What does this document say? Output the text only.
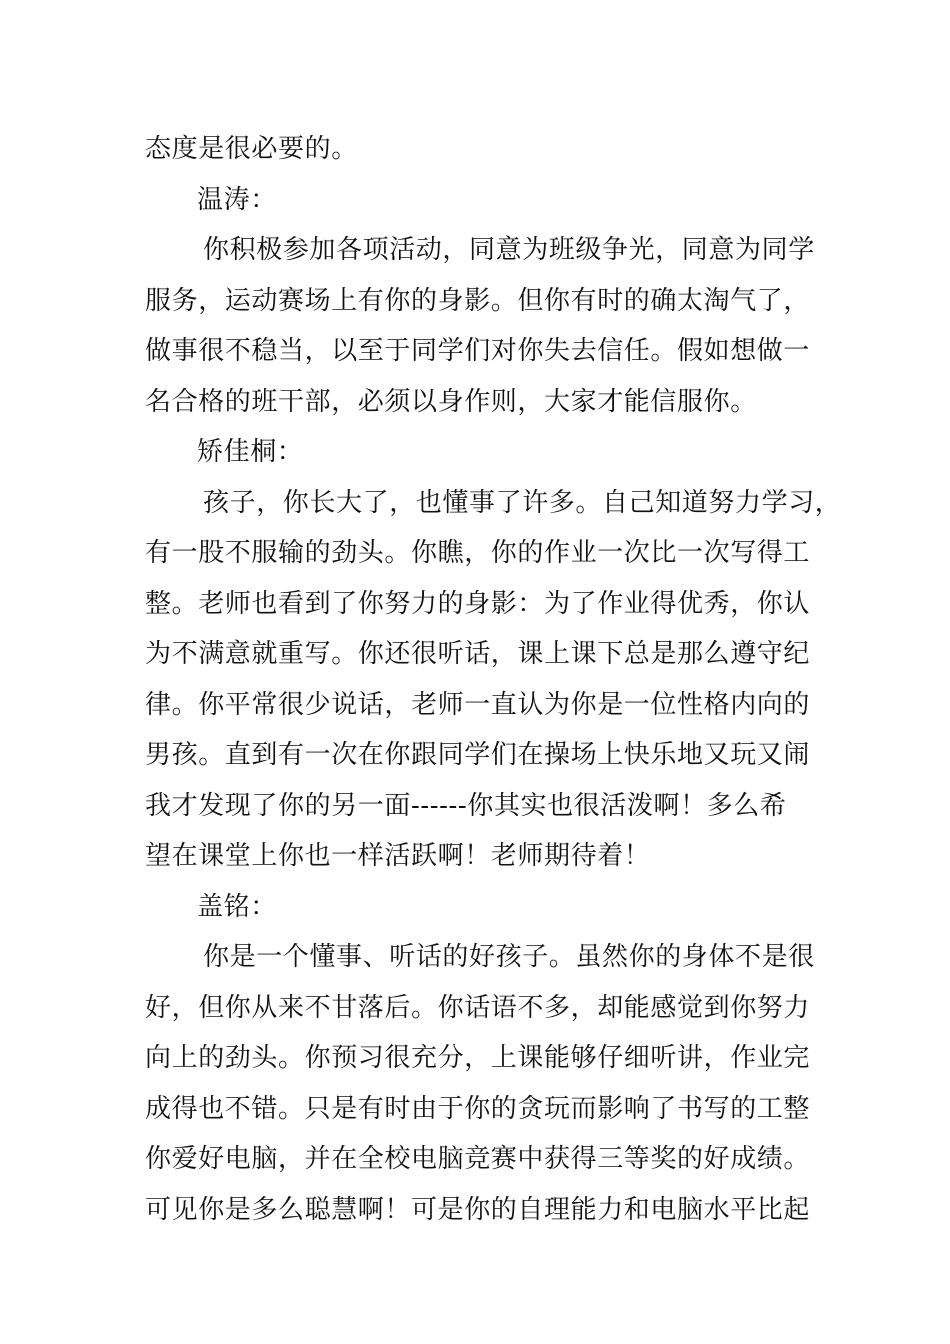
态度是很必要的。
温涛：
你积极参加各项活动，同意为班级争光，同意为同学
服务，运动赛场上有你的身影。但你有时的确太淘气了，
做事很不稳当，以至于同学们对你失去信任。假如想做一
名合格的班干部，必须以身作则，大家才能信服你。
矫佳桐：
孩子，你长大了，也懂事了许多。自己知道努力学习，
有一股不服输的劲头。你瞧，你的作业一次比一次写得工
整。老师也看到了你努力的身影：为了作业得优秀，你认
为不满意就重写。你还很听话，课上课下总是那么遵守纪
律。你平常很少说话，老师一直认为你是一位性格内向的
男孩。直到有一次在你跟同学们在操场上快乐地又玩又闹
我才发现了你的另一面------你其实也很活泼啊！多么希
望在课堂上你也一样活跃啊！老师期待着！
盖铭：
你是一个懂事、听话的好孩子。虽然你的身体不是很
好，但你从来不甘落后。你话语不多，却能感觉到你努力
向上的劲头。你预习很充分，上课能够仔细听讲，作业完
成得也不错。只是有时由于你的贪玩而影响了书写的工整
你爱好电脑，并在全校电脑竞赛中获得三等奖的好成绩。
可见你是多么聪慧啊！可是你的自理能力和电脑水平比起
